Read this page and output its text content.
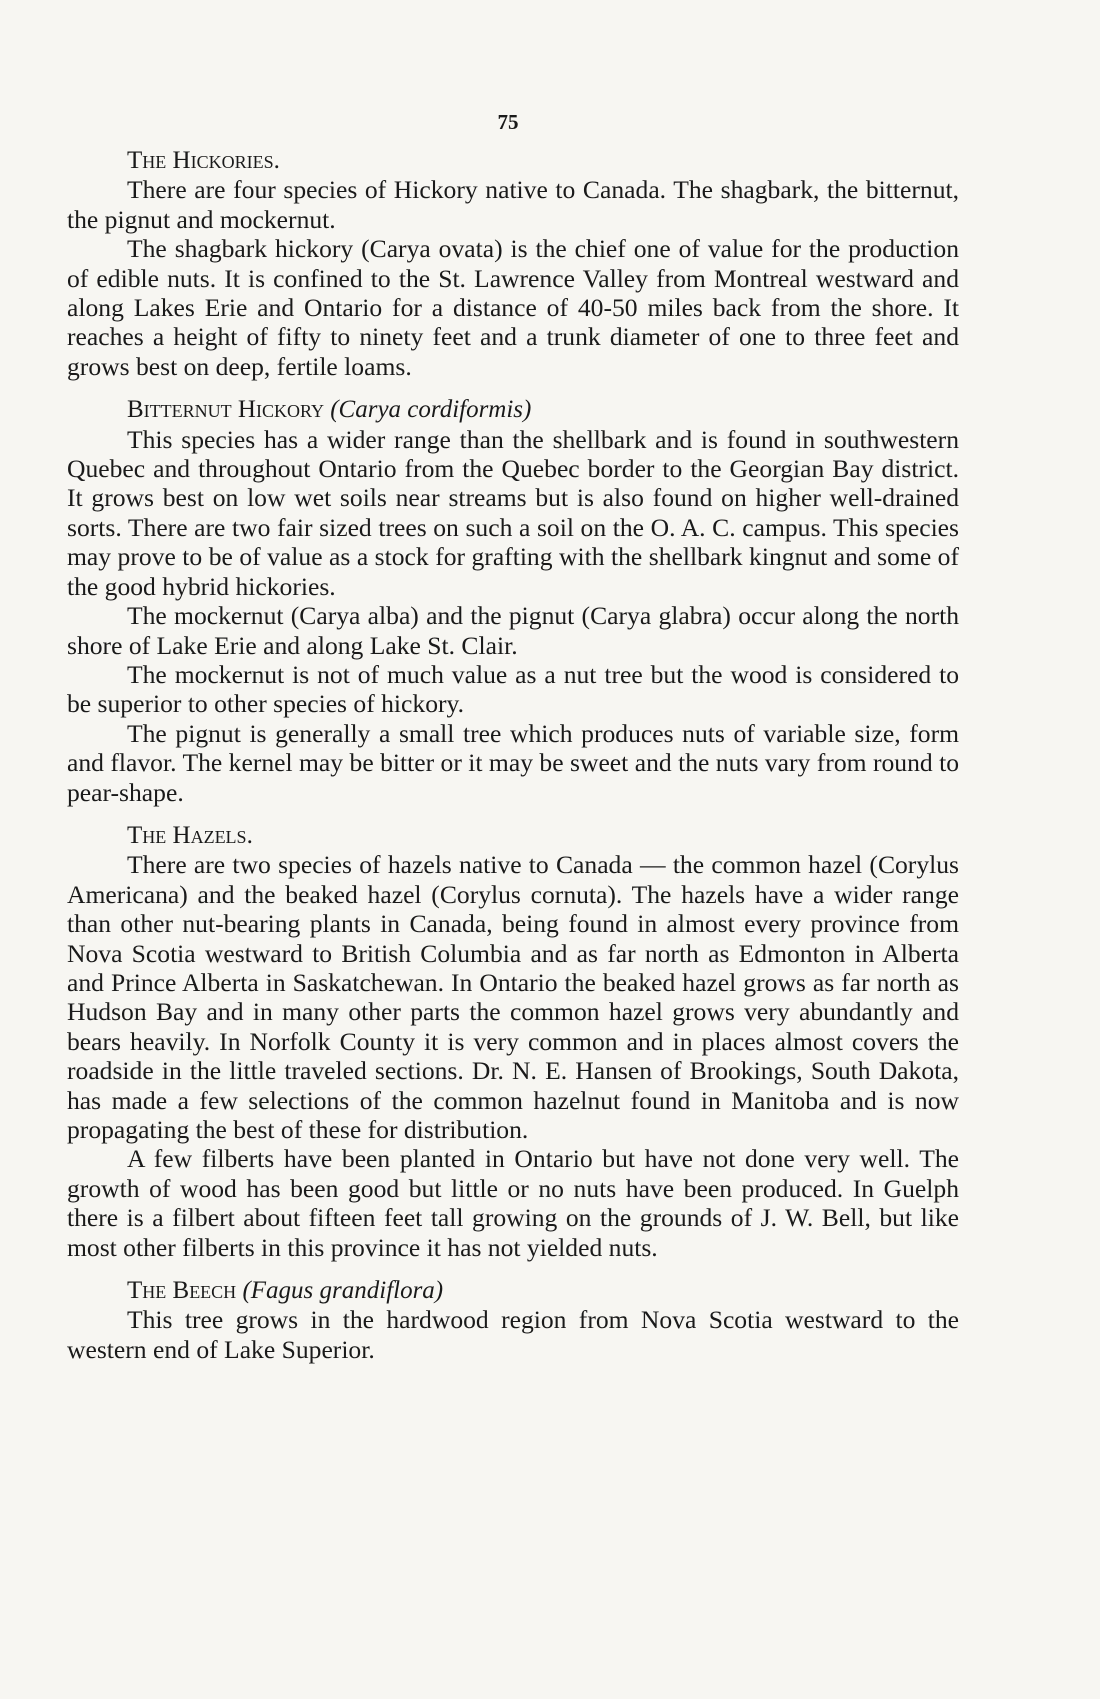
75

The Hickories.

There are four species of Hickory native to Canada. The shagbark, the bitternut, the pignut and mockernut.

The shagbark hickory (Carya ovata) is the chief one of value for the production of edible nuts. It is confined to the St. Lawrence Valley from Montreal westward and along Lakes Erie and Ontario for a distance of 40-50 miles back from the shore. It reaches a height of fifty to ninety feet and a trunk diameter of one to three feet and grows best on deep, fertile loams.

Bitternut Hickory (Carya cordiformis)

This species has a wider range than the shellbark and is found in southwestern Quebec and throughout Ontario from the Quebec border to the Georgian Bay district. It grows best on low wet soils near streams but is also found on higher well-drained sorts. There are two fair sized trees on such a soil on the O. A. C. campus. This species may prove to be of value as a stock for grafting with the shellbark kingnut and some of the good hybrid hickories.

The mockernut (Carya alba) and the pignut (Carya glabra) occur along the north shore of Lake Erie and along Lake St. Clair.

The mockernut is not of much value as a nut tree but the wood is considered to be superior to other species of hickory.

The pignut is generally a small tree which produces nuts of variable size, form and flavor. The kernel may be bitter or it may be sweet and the nuts vary from round to pear-shape.

The Hazels.

There are two species of hazels native to Canada — the common hazel (Corylus Americana) and the beaked hazel (Corylus cornuta). The hazels have a wider range than other nut-bearing plants in Canada, being found in almost every province from Nova Scotia westward to British Columbia and as far north as Edmonton in Alberta and Prince Alberta in Saskatchewan. In Ontario the beaked hazel grows as far north as Hudson Bay and in many other parts the common hazel grows very abundantly and bears heavily. In Norfolk County it is very common and in places almost covers the roadside in the little traveled sections. Dr. N. E. Hansen of Brookings, South Dakota, has made a few selections of the common hazelnut found in Manitoba and is now propagating the best of these for distribution.

A few filberts have been planted in Ontario but have not done very well. The growth of wood has been good but little or no nuts have been produced. In Guelph there is a filbert about fifteen feet tall growing on the grounds of J. W. Bell, but like most other filberts in this province it has not yielded nuts.

The Beech (Fagus grandiflora)

This tree grows in the hardwood region from Nova Scotia westward to the western end of Lake Superior.
